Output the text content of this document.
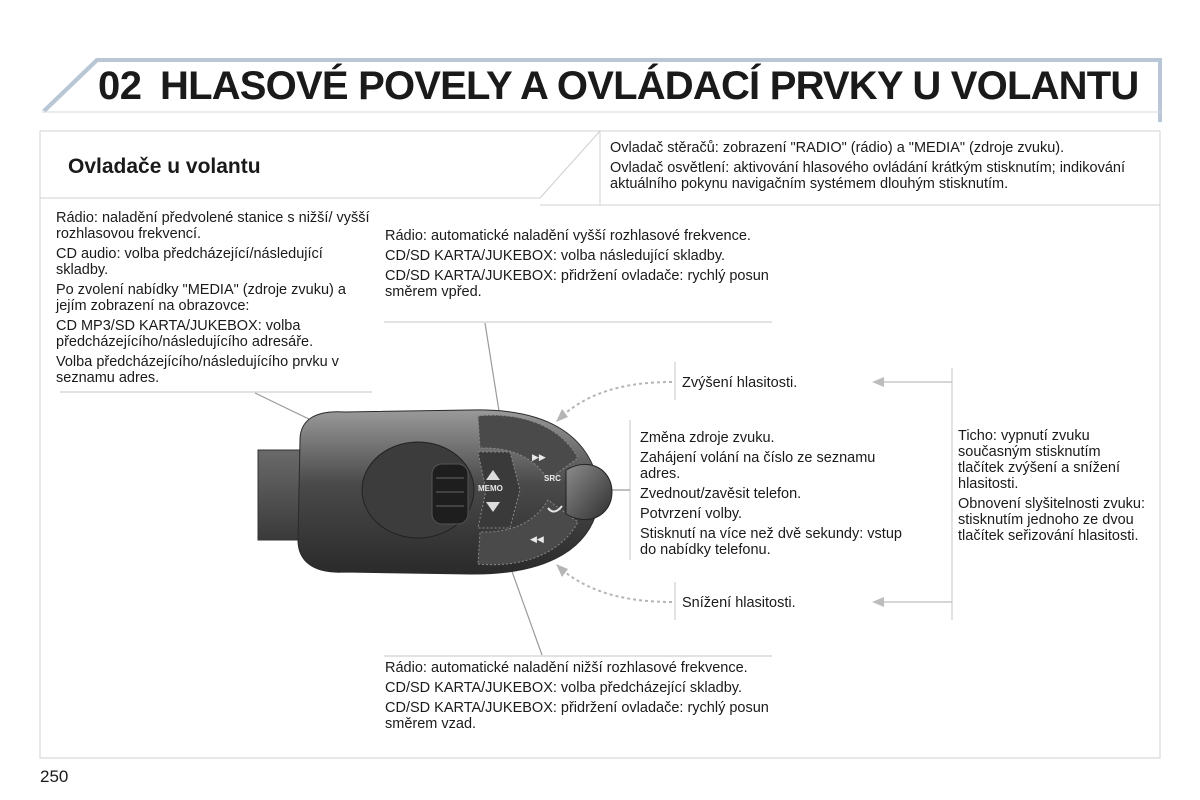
02 HLASOVÉ POVELY A OVLÁDACÍ PRVKY U VOLANTU
Ovladače u volantu

Ovladač stěračů: zobrazení "RADIO" (rádio) a "MEDIA" (zdroje zvuku).

Ovladač osvětlení: aktivování hlasového ovládání krátkým stisknutím; indikování aktuálního pokynu navigačním systémem dlouhým stisknutím.

Rádio: naladění předvolené stanice s nižší/ vyšší rozhlasovou frekvencí.

CD audio: volba předcházející/následující skladby.

Po zvolení nabídky "MEDIA" (zdroje zvuku) a jejím zobrazení na obrazovce:

CD MP3/SD KARTA/JUKEBOX: volba předcházejícího/následujícího adresáře.

Volba předcházejícího/následujícího prvku v seznamu adres.

Rádio: automatické naladění vyšší rozhlasové frekvence.

CD/SD KARTA/JUKEBOX: volba následující skladby.

CD/SD KARTA/JUKEBOX: přidržení ovladače: rychlý posun směrem vpřed.

Zvýšení hlasitosti.

Změna zdroje zvuku.

Zahájení volání na číslo ze seznamu adres.

Zvednout/zavěsit telefon.

Potvrzení volby.

Stisknutí na více než dvě sekundy: vstup do nabídky telefonu.

Snížení hlasitosti.

Ticho: vypnutí zvuku současným stisknutím tlačítek zvýšení a snížení hlasitosti.

Obnovení slyšitelnosti zvuku: stisknutím jednoho ze dvou tlačítek seřizování hlasitosti.

Rádio: automatické naladění nižší rozhlasové frekvence.

CD/SD KARTA/JUKEBOX: volba předcházející skladby.

CD/SD KARTA/JUKEBOX: přidržení ovladače: rychlý posun směrem vzad.

MEMO
SRC
▶▶
◀◀
250
